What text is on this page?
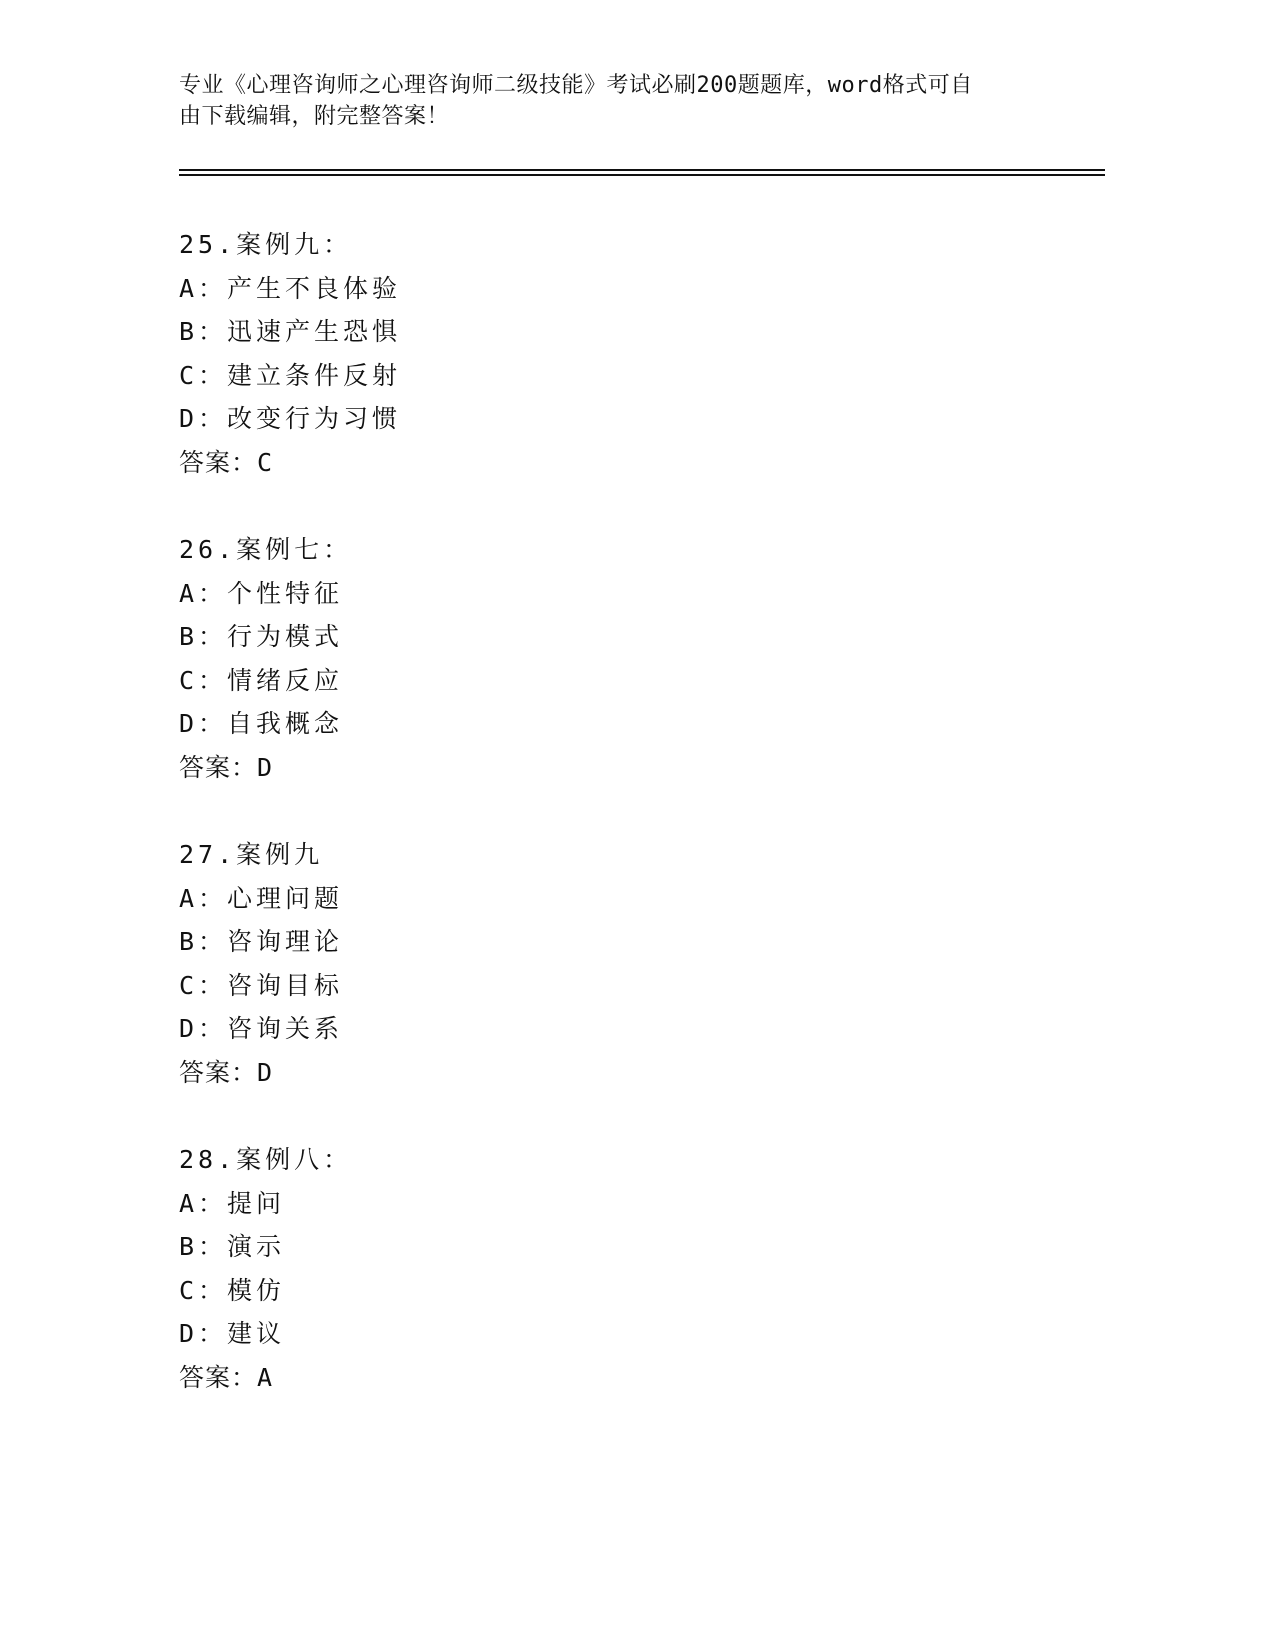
专业《心理咨询师之心理咨询师二级技能》考试必刷200题题库，word格式可自
由下载编辑，附完整答案！
25.案例九：
A：产生不良体验
B：迅速产生恐惧
C：建立条件反射
D：改变行为习惯
答案：C
26.案例七：
A：个性特征
B：行为模式
C：情绪反应
D：自我概念
答案：D
27.案例九
A：心理问题
B：咨询理论
C：咨询目标
D：咨询关系
答案：D
28.案例八：
A：提问
B：演示
C：模仿
D：建议
答案：A
